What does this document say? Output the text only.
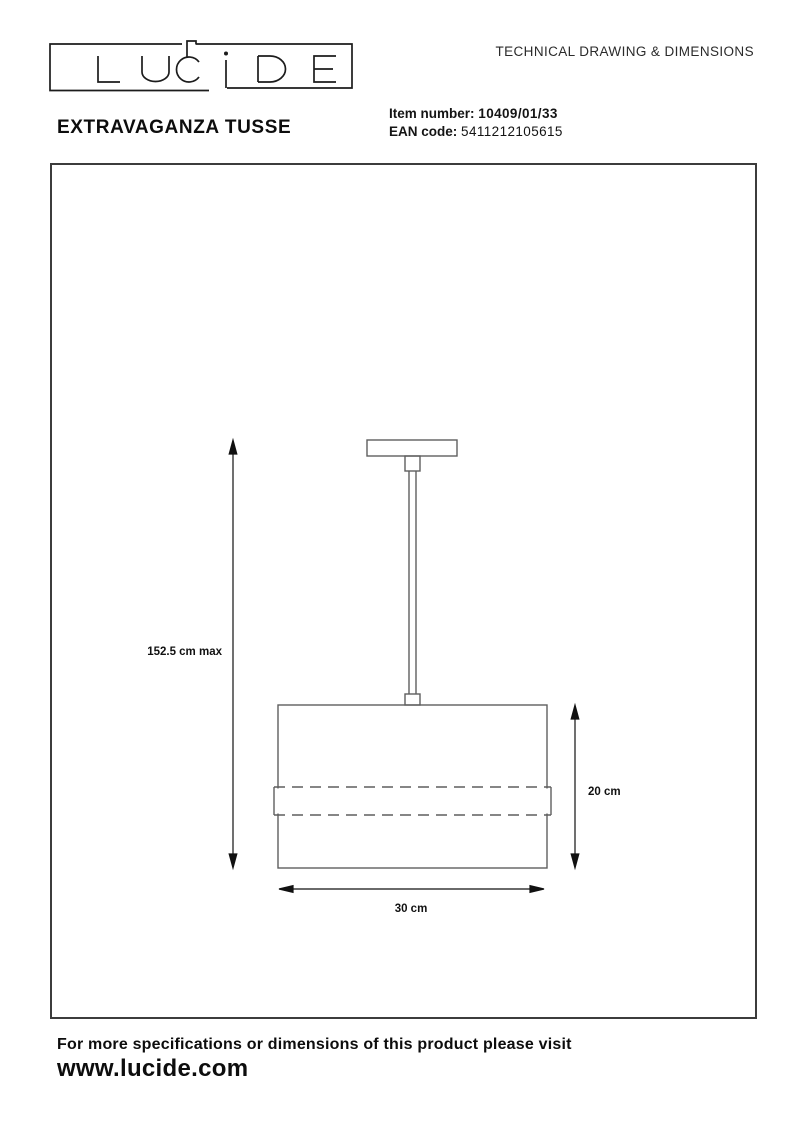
TECHNICAL DRAWING & DIMENSIONS
EXTRAVAGANZA TUSSE
Item number: 10409/01/33
EAN code: 5411212105615
152.5 cm max
20 cm
30 cm
For more specifications or dimensions of this product please visit
www.lucide.com
